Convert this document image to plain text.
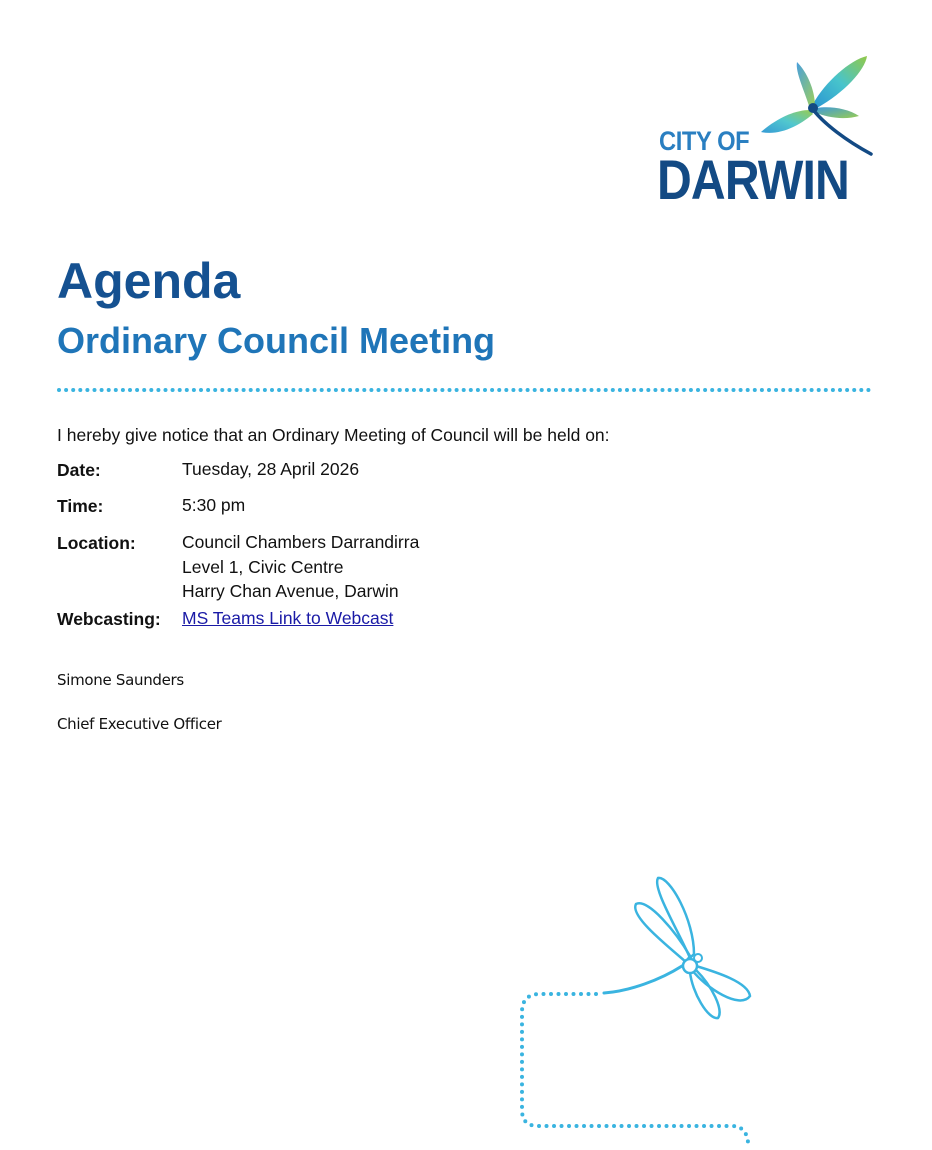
CITY OF
DARWIN
Agenda
Ordinary Council Meeting
I hereby give notice that an Ordinary Meeting of Council will be held on:
Date:	Tuesday, 28 April 2026
Time:	5:30 pm
Location:	Council Chambers Darrandirra
Level 1, Civic Centre
Harry Chan Avenue, Darwin
Webcasting: MS Teams Link to Webcast
Simone Saunders
Chief Executive Officer
